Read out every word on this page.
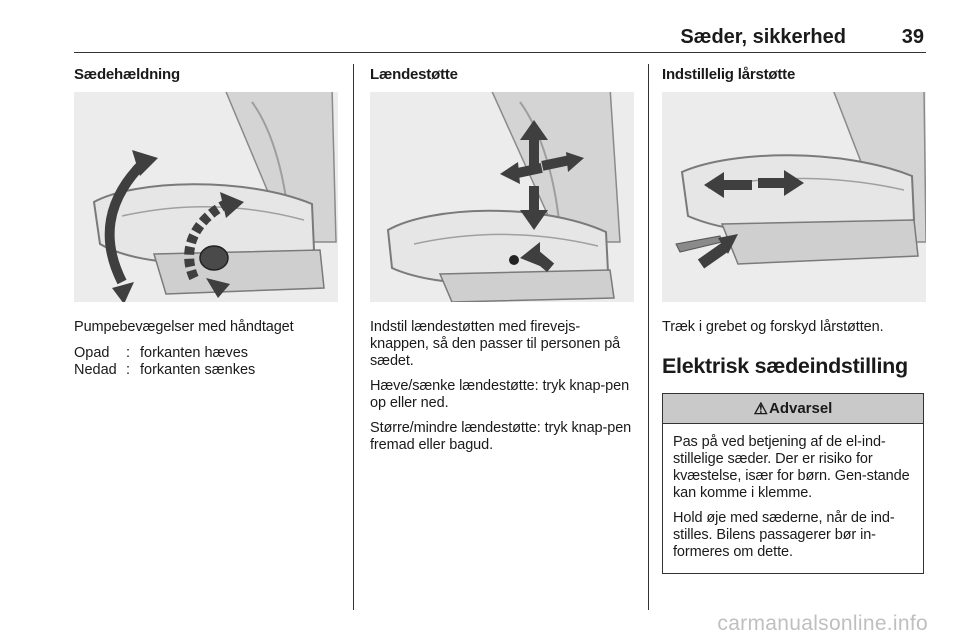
Sæder, sikkerhed	39
Sædehældning
Pumpebevægelser med håndtaget
Opad	: forkanten hæves
Nedad : forkanten sænkes
Lændestøtte
Indstil lændestøtten med firevejs-knappen, så den passer til personen på sædet.
Hæve/sænke lændestøtte: tryk knap-pen op eller ned.
Større/mindre lændestøtte: tryk knap-pen fremad eller bagud.
Indstillelig lårstøtte
Træk i grebet og forskyd lårstøtten.
Elektrisk sædeindstilling
⚠ Advarsel
Pas på ved betjening af de el-ind-stillelige sæder. Der er risiko for kvæstelse, især for børn. Gen-stande kan komme i klemme.
Hold øje med sæderne, når de ind-stilles. Bilens passagerer bør in-formeres om dette.
carmanualsonline.info
